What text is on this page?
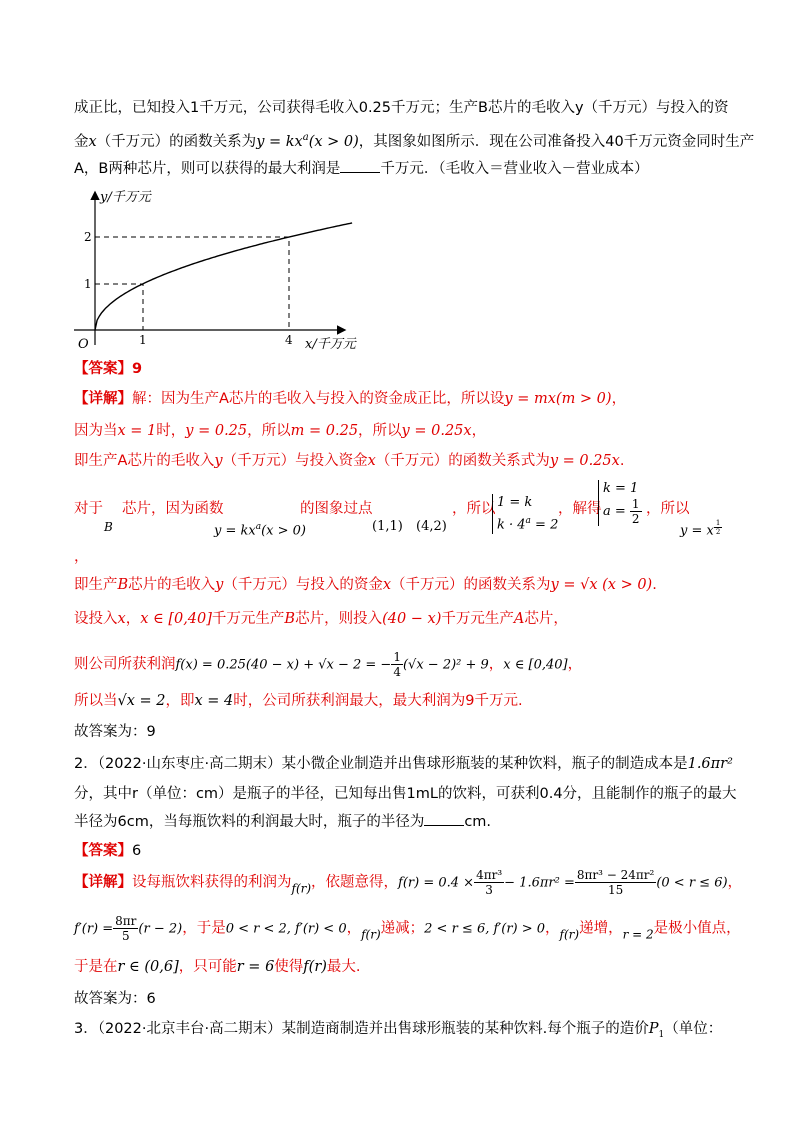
成正比，已知投入1千万元，公司获得毛收入0.25千万元；生产B芯片的毛收入y（千万元）与投入的资
金x（千万元）的函数关系为$y = kx^a(x > 0)$，其图象如图所示．现在公司准备投入40千万元资金同时生产
A，B两种芯片，则可以获得的最大利润是	千万元．（毛收入＝营业收入－营业成本）
y/千万元
x/千万元
O
1
2
1	4
【答案】9
【详解】解：因为生产A芯片的毛收入与投入的资金成正比，所以设y = mx(m > 0)，
因为当x = 1时，y = 0.25，所以m = 0.25，所以y = 0.25x，
即生产A芯片的毛收入y（千万元）与投入资金x（千万元）的函数关系式为y = 0.25x.
对于
B
芯片，因为函数
$y = kx^a(x > 0)$
的图象过点
(1,1) (4,2)
，所以 1 = k
$k \cdot 4^a = 2$
，解得
k = 1
$a = \frac{1}{2}$ ，所以
y = x $^{\frac{1}{2}}$
，
即生产B芯片的毛收入y（千万元）与投入的资金x（千万元）的函数关系为y = √x (x > 0).
设投入x，x ∈ [0,40]千万元生产B芯片，则投入(40 − x)千万元生产A芯片，
则公司所获利润f(x) = 0.25(40 − x) + √x − 2 = − $\frac{1}{4} (√x - 2)^2 + 9$，x ∈ [0,40]，
所以当√x = 2，即x = 4时，公司所获利润最大，最大利润为9千万元.
故答案为：9
2．（2022·山东枣庄·高二期末）某小微企业制造并出售球形瓶装的某种饮料，瓶子的制造成本是1.6πr²
分，其中r（单位：cm）是瓶子的半径，已知每出售1mL的饮料，可获利0.4分，且能制作的瓶子的最大
半径为6cm，当每瓶饮料的利润最大时，瓶子的半径为	cm.
【答案】6
【详解】设每瓶饮料获得的利润为$_{f(r)}$，依题意得，$f(r) = 0.4 \times \frac{\text{4πr³}}{3} - 1.6\pi r^2 = \frac{\text{8πr³ − 24πr²}}{15} (0 < r \le 6)$，
$f'(r) = \frac{8\pi r}{5} (r - 2)$，于是0 < r < 2, f′(r) < 0，$_{f(r)}$递减；2 < r ≤ 6, f′(r) > 0，$_{f(r)}$递增，$_{r = 2}$是极小值点，
于是在r ∈ (0,6]，只可能r = 6使得f(r)最大.
故答案为：6
3．（2022·北京丰台·高二期末）某制造商制造并出售球形瓶装的某种饮料.每个瓶子的造价$P_1$（单位：
